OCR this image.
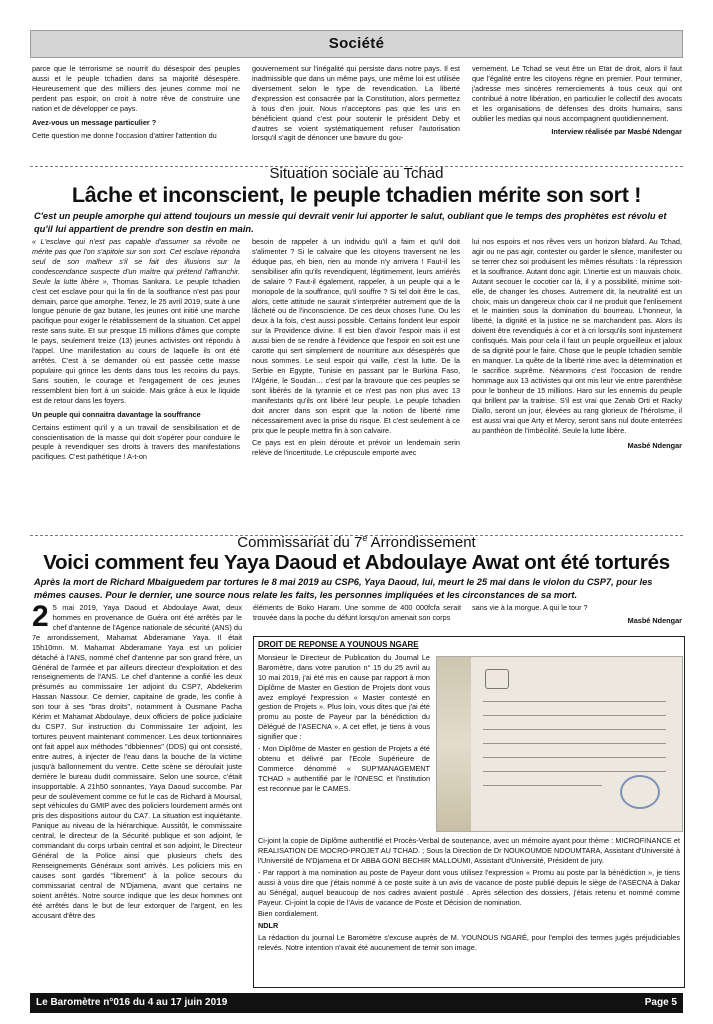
Société

parce que le terrorisme se nourrit du désespoir des peuples aussi et le peuple tchadien dans sa majorité désespère. Heureusement que des milliers des jeunes comme moi ne perdent pas espoir, on croit à notre rêve de construire une nation et de développer ce pays.

Avez-vous un message particulier ?

Cette question me donne l'occasion d'attirer l'attention du

gouvernement sur l'inégalité qui persiste dans notre pays. Il est inadmissible que dans un même pays, une même loi est utilisée diversement selon le type de revendication. La liberté d'expression est consacrée par la Constitution, alors permettez à tous d'en jouir. Nous n'acceptons pas que les uns en bénéficient quand c'est pour soutenir le président Deby et d'autres se voient systématiquement refuser l'autorisation lorsqu'il s'agit de dénoncer une bavure du gou-

vernement. Le Tchad se veut être un Etat de droit, alors il faut que l'égalité entre les citoyens règne en premier. Pour terminer, j'adresse mes sincères remerciements à tous ceux qui ont contribué à notre libération, en particulier le collectif des avocats et les organisations de défenses des droits humains, sans oublier les medias qui nous accompagnent quotidiennement.

Interview réalisée par Masbé Ndengar

Situation sociale au Tchad
Lâche et inconscient, le peuple tchadien mérite son sort !
C'est un peuple amorphe qui attend toujours un messie qui devrait venir lui apporter le salut, oubliant que le temps des prophètes est révolu et qu'il lui appartient de prendre son destin en main.

« L'esclave qui n'est pas capable d'assumer sa révolte ne mérite pas que l'on s'apitoie sur son sort. Cet esclave répondra seul de son malheur s'il se fait des illusions sur la condescendance suspecte d'un maître qui prétend l'affranchir. Seule la lutte libère », Thomas Sankara. Le peuple tchadien c'est cet esclave pour qui la fin de la souffrance n'est pas pour demain, parce que amorphe. Tenez, le 25 avril 2019, suite à une longue pénurie de gaz butane, les jeunes ont initié une marche pacifique pour exiger le rétablissement de la situation. Cet appel reste sans suite. Et sur presque 15 millions d'âmes que compte le pays, seulement treize (13) jeunes activistes ont répondu à l'appel. Une manifestation au cours de laquelle ils ont été arrêtés. C'est à se demander où est passée cette masse populaire qui grince les dents dans tous les recoins du pays. Sans soutien, le courage et l'engagement de ces jeunes ressemblent bien fort à un suicide. Mais grâce à eux le liquide est de retour dans les foyers.

Un peuple qui connaitra davantage la souffrance

Certains estiment qu'il y a un travail de sensibilisation et de conscientisation de la masse qui doit s'opérer pour conduire le peuple à revendiquer ses droits à travers des manifestations pacifiques. C'est pathétique ! A-t-on

besoin de rappeler à un individu qu'il a faim et qu'il doit s'alimenter ? Si le calvaire que les citoyens traversent ne les éduque pas, eh bien, rien au monde n'y arrivera ! Faut-il les sensibiliser afin qu'ils revendiquent, légitimement, leurs arriérés de salaire ? Faut-il également, rappeler, à un peuple qui a le monopole de la souffrance, qu'il souffre ? Si tel doit être le cas, alors, cette attitude ne saurait s'interpréter autrement que de la lâcheté ou de l'inconscience. De ces deux choses l'une. Ou les deux à la fois, c'est aussi possible. Certains fondent leur espoir sur la Providence divine. Il est bien d'avoir l'espoir mais il est aussi bien de se rendre à l'évidence que l'espoir en soit est une carotte qui sert simplement de nourriture aux désespérés que nous sommes. Le seul espoir qui vaille, c'est la lutte. De la Serbie en Egypte, Tunisie en passant par le Burkina Faso, l'Algérie, le Soudan… c'est par la bravoure que ces peuples se sont libérés de la tyrannie et ce n'est pas non plus avec 13 manifestants qu'ils ont libéré leur peuple. Le peuple tchadien doit ancrer dans son esprit que la notion de liberté rime nécessairement avec la prise du risque. Et c'est seulement à ce prix que le peuple mettra fin à son calvaire.

Ce pays est en plein déroute et prévoir un lendemain serin relève de l'incertitude. Le crépuscule emporte avec

lui nos espoirs et nos rêves vers un horizon blafard. Au Tchad, agir ou ne pas agir, contester ou garder le silence, manifester ou se terrer chez soi produisent les mêmes résultats : la répression et la souffrance. Autant donc agir. L'inertie est un mauvais choix. Autant secouer le cocotier car là, il y a possibilité, minime soit-elle, de changer les choses. Autrement dit, la neutralité est un choix, mais un dangereux choix car il ne produit que l'enlisement et le maintien sous la domination du bourreau. L'honneur, la liberté, la dignité et la justice ne se marchandent pas. Alors ils doivent être revendiqués à cor et à cri lorsqu'ils sont injustement confisqués. Mais pour cela il faut un peuple orgueilleux et jaloux de sa dignité pour le faire. Chose que le peuple tchadien semble en manquer. La quête de la liberté rime avec la détermination et le sacrifice suprême. Néanmoins c'est l'occasion de rendre hommage aux 13 activistes qui ont mis leur vie entre parenthèse pour le bonheur de 15 millions. Haro sur les ennemis du peuple qui brillent par la traitrise. S'il est vrai que Zenab Orti et Racky Diallo, seront un jour, élevées au rang glorieux de l'héroïsme, il est aussi vrai que Arty et Mercy, seront sans nul doute enterrées au panthéon de l'imbécilité. Seule la lutte libère.

Masbé Ndengar

Commissariat du 7e Arrondissement
Voici comment feu Yaya Daoud et Abdoulaye Awat ont été torturés
Après la mort de Richard Mbaiguedem par tortures le 8 mai 2019 au CSP6, Yaya Daoud, lui, meurt le 25 mai dans le violon du CSP7, pour les mêmes causes. Pour le dernier, une source nous relate les faits, les personnes impliquées et les circonstances de sa mort.

2 5 mai 2019, Yaya Daoud et Abdoulaye Awat, deux hommes en provenance de Guéra ont été arrêtés par le chef d'antenne de l'Agence nationale de sécurité (ANS) du 7e arrondissement, Mahamat Abderamane Yaya. Il était 15h10mn. M. Mahamat Abderamane Yaya est un policier détaché à l'ANS, nommé chef d'antenne par son grand frère, un Général de l'armée et par ailleurs directeur d'exploitation et des renseignements de l'ANS. Le chef d'antenne a confié les deux présumés au commissaire 1er adjoint du CSP7, Abdekerim Hassan Nassour. Ce dernier, capitaine de grade, les confie à son tour à ses "bras droits", notamment à Ousmane Pacha Kérim et Mahamat Abdoulaye, deux officiers de police judiciaire du CSP7. Sur instruction du Commissaire 1er adjoint, les tortures peuvent maintenant commencer. Les deux tortionnaires ont fait appel aux méthodes "dbbiennes" (DDS) qui ont consisté, entre autres, à injecter de l'eau dans la bouche de la victime jusqu'à ballonnement du ventre. Cette scène se déroulait juste derrière le bureau dudit commissaire. Selon une source, c'était insupportable. A 21h50 sonnantes, Yaya Daoud succombe. Par peur de soulèvement comme ce fut le cas de Richard à Moursal, sept véhicules du GMIP avec des policiers lourdement armés ont pris des dispositions autour du CA7. La situation est inquiétante. Panique au niveau de la hiérarchique. Aussitôt, le commissaire central, le directeur de la Sécurité publique et son adjoint, le commandant du corps urbain central et son adjoint, le Directeur Général de la Police ainsi que plusieurs chefs des Renseignements Généraux sont arrivés. Les policiers mis en causes sont gardés "librement" à la police secours du commissariat central de N'Djamena, avant que certains ne soient arrêtés. Notre source indique que les deux hommes ont été arrêtés dans le but de leur extorquer de l'argent, en les accusant d'être des

éléments de Boko Haram. Une somme de 400 000fcfa serait trouvée dans la poche du défunt lorsqu'on amenait son corps

sans vie à la morgue. A qui le tour ?

Masbé Ndengar

DROIT DE REPONSE A YOUNOUS NGARE

Monsieur le Directeur de Publication du Journal Le Baromètre, dans votre parution n° 15 du 25 avril au 10 mai 2019, j'ai été mis en cause par rapport à mon Diplôme de Master en Gestion de Projets dont vous avez employé l'expression « Master contesté en gestion de Projets ». Plus loin, vous dites que j'ai été promu au poste de Payeur par la bénédiction du Délégué de l'ASECNA ». A cet effet, je tiens à vous signifier que :

- Mon Diplôme de Master en gestion de Projets a été obtenu et délivré par l'Ecole Supérieure de Commerce dénommé « SUP'MANAGEMENT TCHAD » authentifié par le l'ONESC et l'institution est reconnue par le CAMES.

Ci-joint la copie de Diplôme authentifié et Procès-Verbal de soutenance, avec un mémoire ayant pour thème : MICROFINANCE et REALISATION DE MOCRO-PROJET AU TCHAD. ; Sous la Direction de Dr NOUKOUMDE NDOUMTARA, Assistant d'Université à l'Université de N'Djamena et Dr ABBA GONI BECHIR MALLOUMI, Assistant d'Université, Président de jury.

- Par rapport à ma nomination au poste de Payeur dont vous utilisez l'expression « Promu au poste par la bénédiction », je tiens aussi à vous dire que j'étais nommé à ce poste suite à un avis de vacance de poste publié depuis le siège de l'ASECNA à Dakar au Sénégal, auquel beaucoup de nos cadres avaient postulé . Après sélection des dossiers, j'étais retenu et nommé comme Payeur. Ci-joint la copie de l'Avis de vacance de Poste et Décision de nomination.

Bien cordialement.

NDLR

La rédaction du journal Le Baromètre s'excuse auprès de M. YOUNOUS NGARÉ, pour l'emploi des termes jugés préjudiciables relevés. Notre intention n'avait été aucunement de ternir son image.

Le Baromètre n°016 du 4 au 17 juin 2019	Page 5
